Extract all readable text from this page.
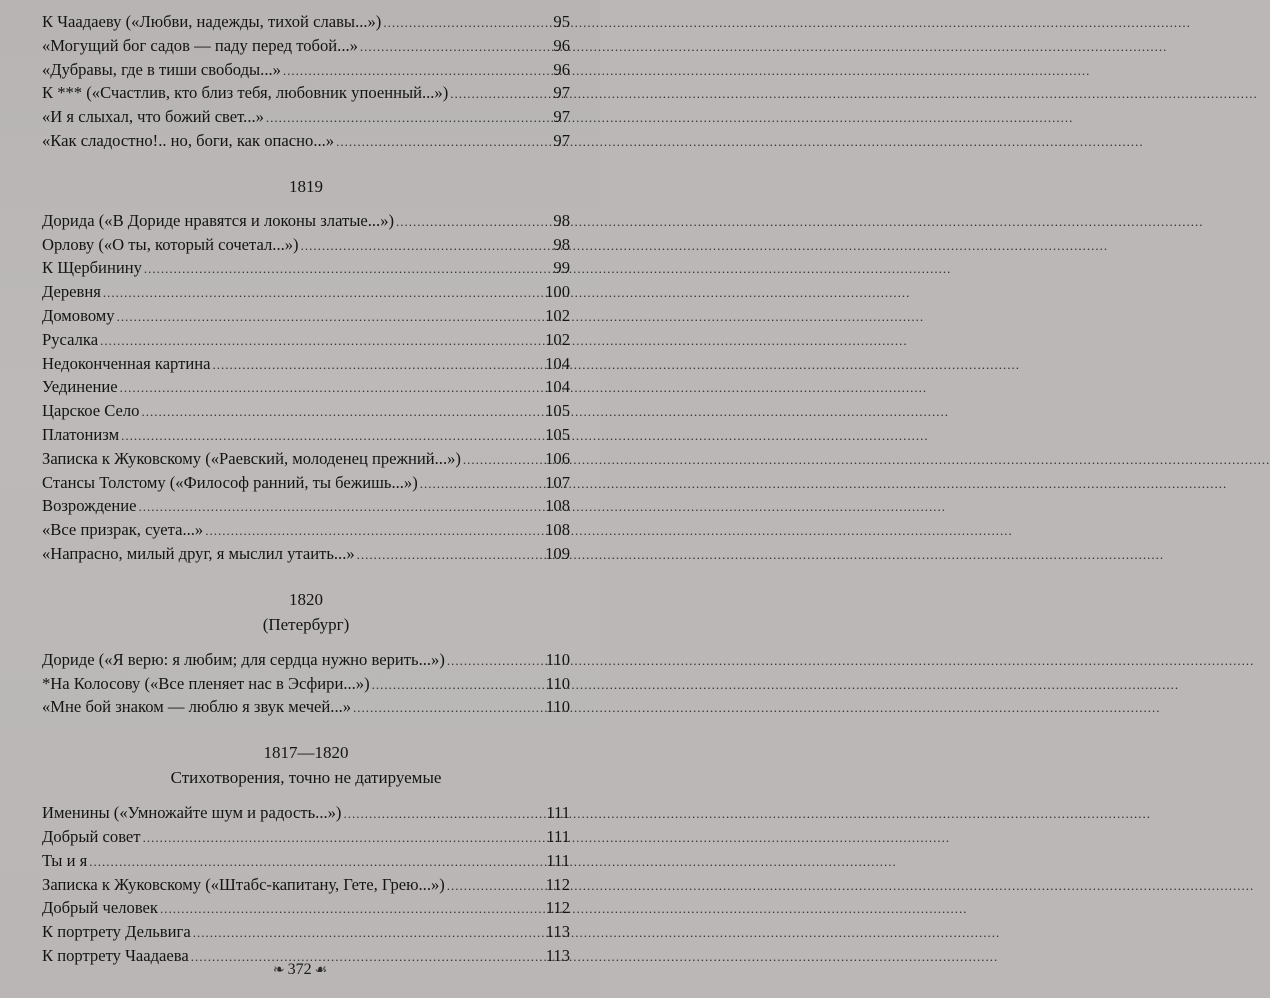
К Чаадаеву («Любви, надежды, тихой славы...») .....	95
«Могущий бог садов — паду перед тобой...» .....	96
«Дубравы, где в тиши свободы...» .....	96
К *** («Счастлив, кто близ тебя, любовник упоенный...») .....	97
«И я слыхал, что божий свет...» .....	97
«Как сладостно!.. но, боги, как опасно...» .....	97
1819
Дорида («В Дориде нравятся и локоны златые...») .....	98
Орлову («О ты, который сочетал...») .....	98
К Щербинину .....	99
Деревня .....	100
Домовому .....	102
Русалка .....	102
Недоконченная картина .....	104
Уединение .....	104
Царское Село .....	105
Платонизм .....	105
Записка к Жуковскому («Раевский, молоденец прежний...») .....	106
Стансы Толстому («Философ ранний, ты бежишь...») .....	107
Возрождение .....	108
«Все призрак, суета...» .....	108
«Напрасно, милый друг, я мыслил утаить...» .....	109
1820
(Петербург)
Дориде («Я верю: я любим; для сердца нужно верить...») .....	110
*На Колосову («Все пленяет нас в Эсфири...») .....	110
«Мне бой знаком — люблю я звук мечей...» .....	110
1817—1820
Стихотворения, точно не датируемые
Именины («Умножайте шум и радость...») .....	111
Добрый совет .....	111
Ты и я .....	111
Записка к Жуковскому («Штабс-капитану, Гете, Грею...») .....	112
Добрый человек .....	112
К портрету Дельвига .....	113
К портрету Чаадаева .....	113
❧ 372 ☙
